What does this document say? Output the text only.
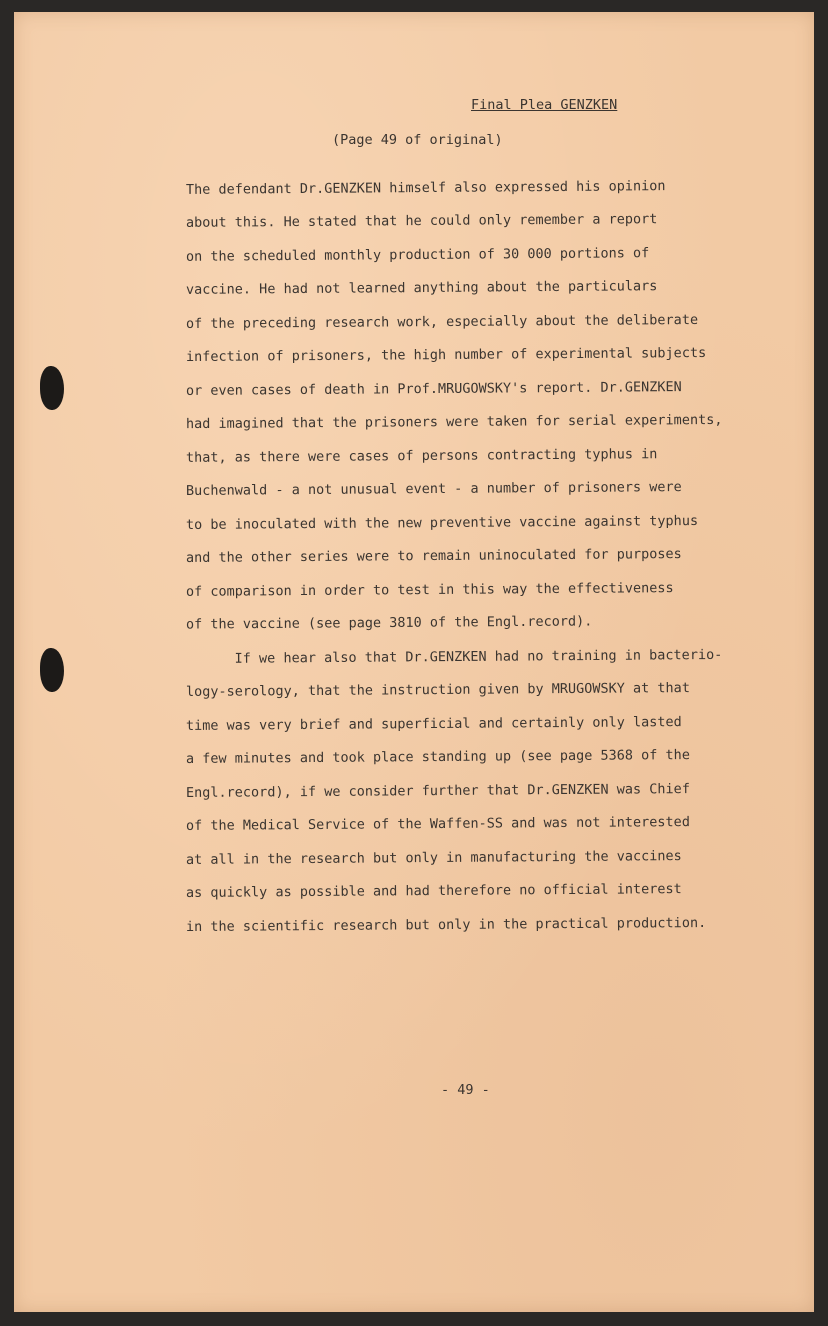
Final Plea GENZKEN
(Page 49 of original)
The defendant Dr.GENZKEN himself also expressed his opinion
about this. He stated that he could only remember a report
on the scheduled monthly production of 30 000 portions of
vaccine. He had not learned anything about the particulars
of the preceding research work, especially about the deliberate
infection of prisoners, the high number of experimental subjects
or even cases of death in Prof.MRUGOWSKY's report. Dr.GENZKEN
had imagined that the prisoners were taken for serial experiments,
that, as there were cases of persons contracting typhus in
Buchenwald - a not unusual event - a number of prisoners were
to be inoculated with the new preventive vaccine against typhus
and the other series were to remain uninoculated for purposes
of comparison in order to test in this way the effectiveness
of the vaccine (see page 3810 of the Engl.record).
If we hear also that Dr.GENZKEN had no training in bacterio-
logy-serology, that the instruction given by MRUGOWSKY at that
time was very brief and superficial and certainly only lasted
a few minutes and took place standing up (see page 5368 of the
Engl.record), if we consider further that Dr.GENZKEN was Chief
of the Medical Service of the Waffen-SS and was not interested
at all in the research but only in manufacturing the vaccines
as quickly as possible and had therefore no official interest
in the scientific research but only in the practical production.
- 49 -
